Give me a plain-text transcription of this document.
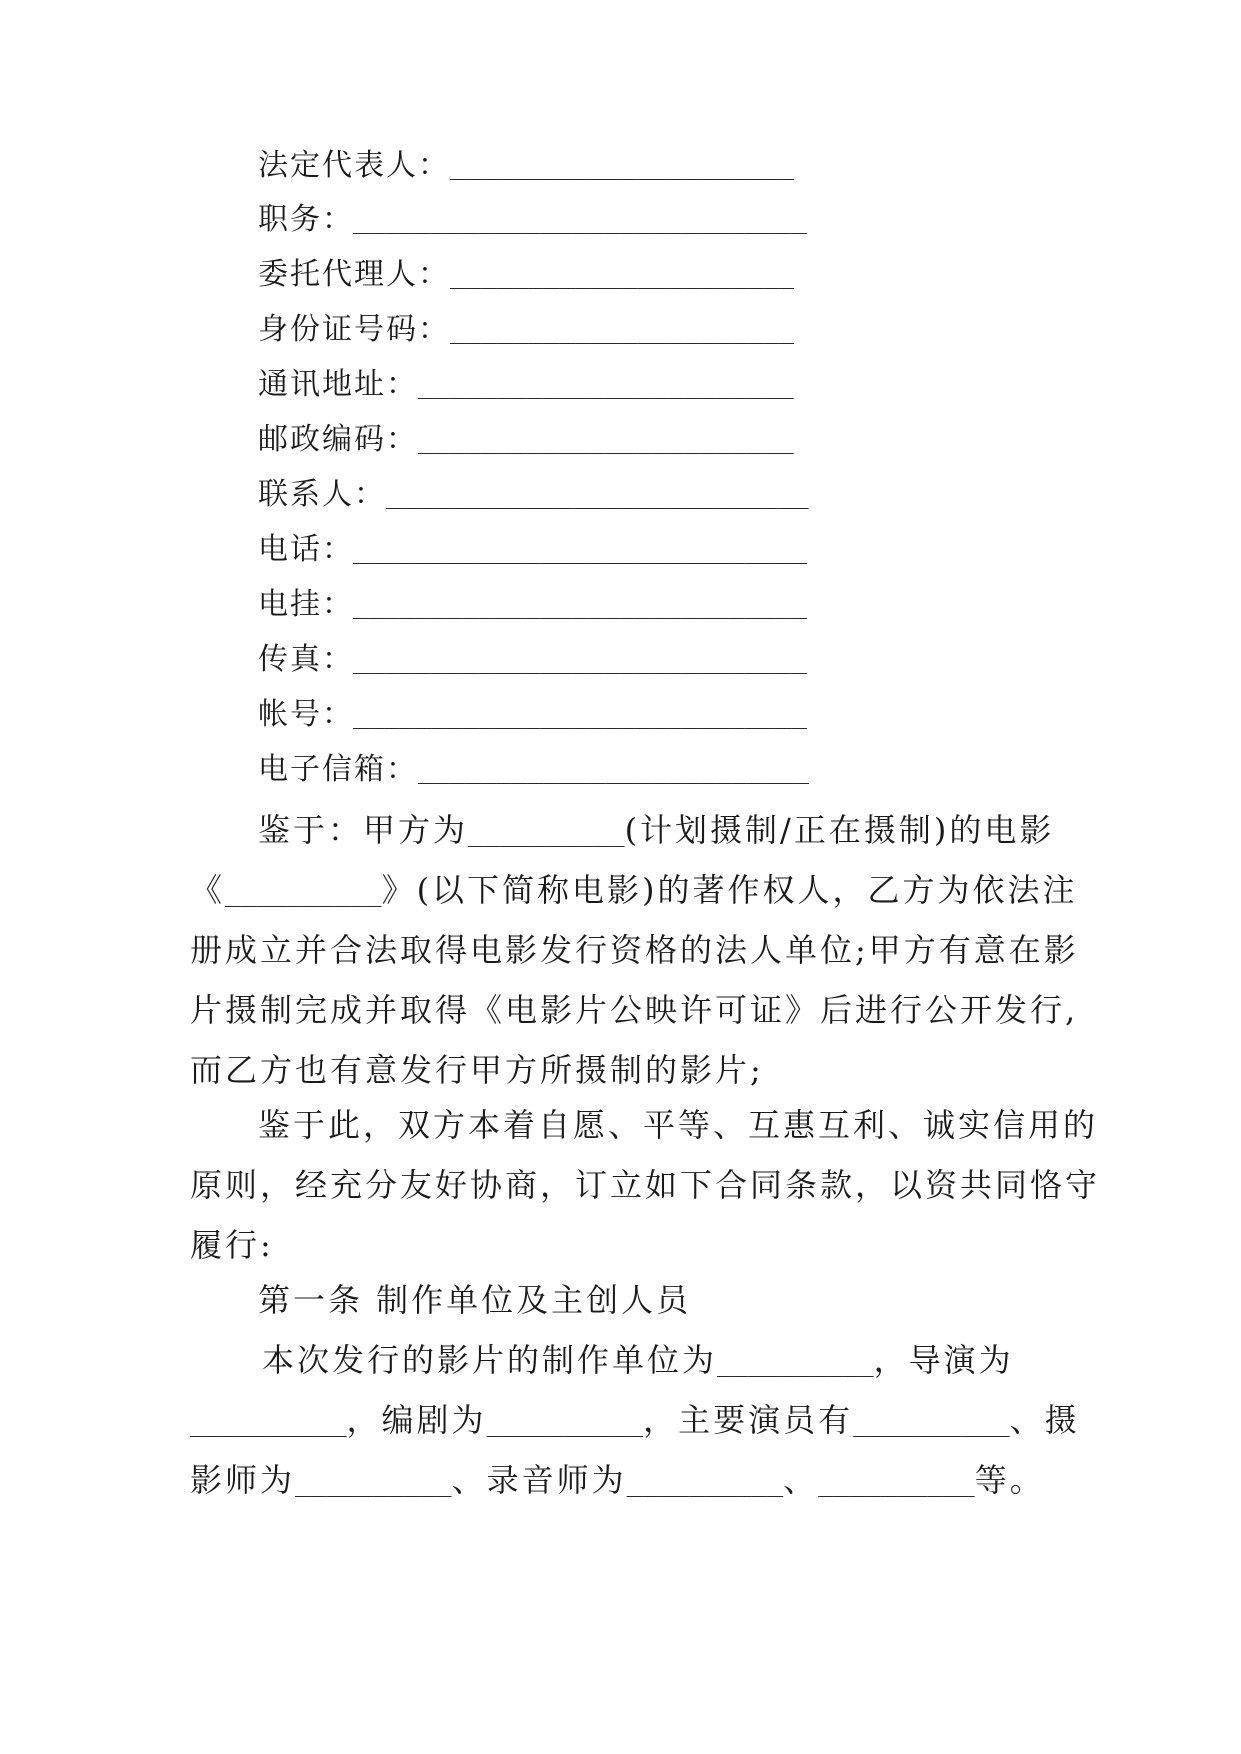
法定代表人： ______________________
职务： _____________________________
委托代理人： ______________________
身份证号码： ______________________
通讯地址： ________________________
邮政编码： ________________________
联系人： ___________________________
电话： _____________________________
电挂： _____________________________
传真： _____________________________
帐号： _____________________________
电子信箱： _________________________
鉴于：甲方为__________(计划摄制/正在摄制)的电影
《__________》(以下简称电影)的著作权人，乙方为依法注
册成立并合法取得电影发行资格的法人单位;甲方有意在影
片摄制完成并取得《电影片公映许可证》后进行公开发行,
而乙方也有意发行甲方所摄制的影片;
鉴于此，双方本着自愿、平等、互惠互利、诚实信用的
原则，经充分友好协商，订立如下合同条款，以资共同恪守
履行:
第一条 制作单位及主创人员
本次发行的影片的制作单位为__________，导演为
__________，编剧为__________，主要演员有__________、摄
影师为__________、录音师为__________、__________等。
